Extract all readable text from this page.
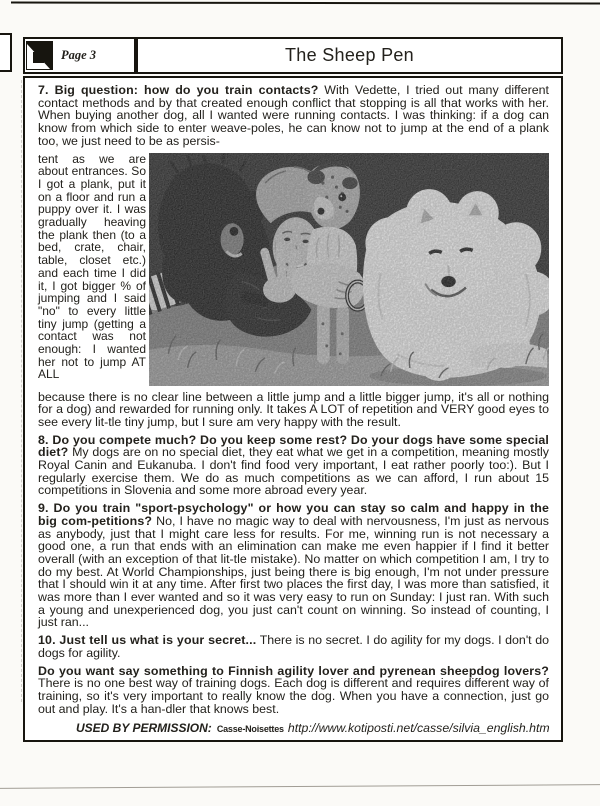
Page 3	The Sheep Pen

7. Big question: how do you train contacts? With Vedette, I tried out many different contact methods and by that created enough conflict that stopping is all that works with her. When buying another dog, all I wanted were running contacts. I was thinking: if a dog can know from which side to enter weave-poles, he can know not to jump at the end of a plank too, we just need to be as persis-

tent as we are about entrances. So I got a plank, put it on a floor and run a puppy over it. I was gradually heaving the plank then (to a bed, crate, chair, table, closet etc.) and each time I did it, I got bigger % of jumping and I said "no" to every little tiny jump (getting a contact was not enough: I wanted her not to jump AT ALL

because there is no clear line between a little jump and a little bigger jump, it's all or nothing for a dog) and rewarded for running only. It takes A LOT of repetition and VERY good eyes to see every lit-tle tiny jump, but I sure am very happy with the result.

8. Do you compete much? Do you keep some rest? Do your dogs have some special diet? My dogs are on no special diet, they eat what we get in a competition, meaning mostly Royal Canin and Eukanuba. I don't find food very important, I eat rather poorly too:). But I regularly exercise them. We do as much competitions as we can afford, I run about 15 competitions in Slovenia and some more abroad every year.

9. Do you train "sport-psychology" or how you can stay so calm and happy in the big com-petitions? No, I have no magic way to deal with nervousness, I'm just as nervous as anybody, just that I might care less for results. For me, winning run is not necessary a good one, a run that ends with an elimination can make me even happier if I find it better overall (with an exception of that lit-tle mistake). No matter on which competition I am, I try to do my best. At World Championships, just being there is big enough, I'm not under pressure that I should win it at any time. After first two places the first day, I was more than satisfied, it was more than I ever wanted and so it was very easy to run on Sunday: I just ran. With such a young and unexperienced dog, you just can't count on winning. So instead of counting, I just ran...

10. Just tell us what is your secret... There is no secret. I do agility for my dogs. I don't do dogs for agility.

Do you want say something to Finnish agility lover and pyrenean sheepdog lovers? There is no one best way of training dogs. Each dog is different and requires different way of training, so it's very important to really know the dog. When you have a connection, just go out and play. It's a han-dler that knows best.

USED BY PERMISSION: Casse-Noisettes http://www.kotiposti.net/casse/silvia_english.htm
